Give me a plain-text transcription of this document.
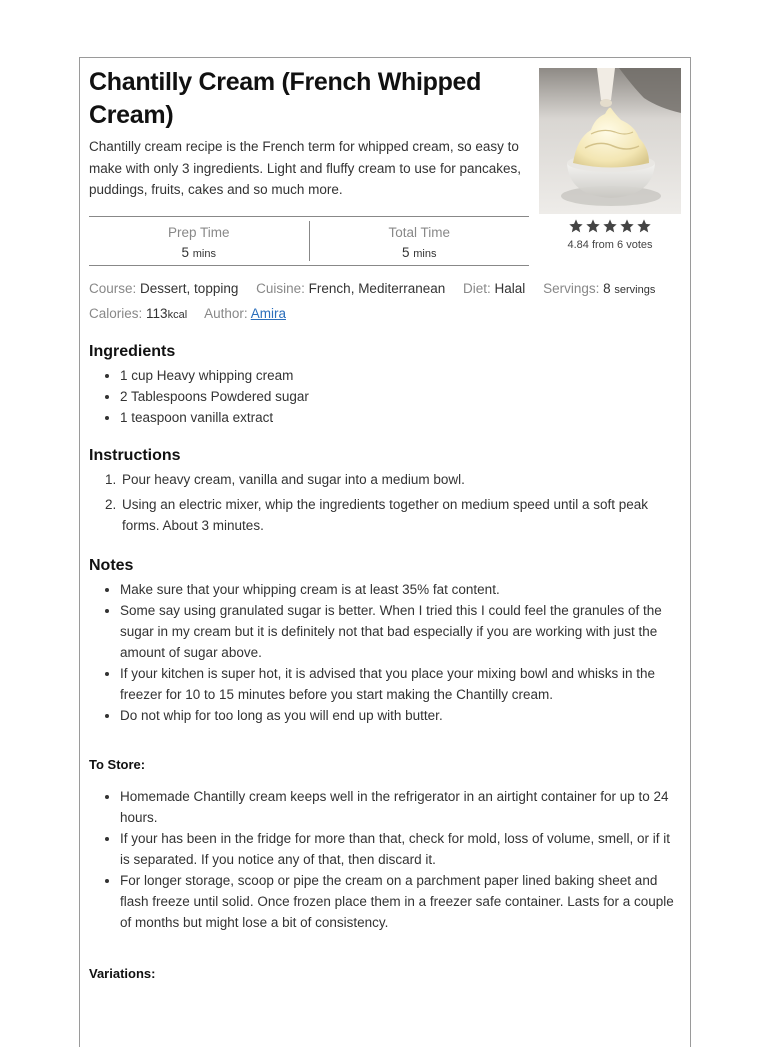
Chantilly Cream (French Whipped Cream)

Chantilly cream recipe is the French term for whipped cream, so easy to make with only 3 ingredients. Light and fluffy cream to use for pancakes, puddings, fruits, cakes and so much more.

Prep Time
5 mins
Total Time
5 mins
4.84 from 6 votes
Course: Dessert, topping Cuisine: French, Mediterranean Diet: Halal Servings: 8 servings
Calories: 113kcal Author: Amira
Ingredients
• 1 cup Heavy whipping cream
• 2 Tablespoons Powdered sugar
• 1 teaspoon vanilla extract
Instructions
1. Pour heavy cream, vanilla and sugar into a medium bowl.
2. Using an electric mixer, whip the ingredients together on medium speed until a soft peak forms. About 3 minutes.
Notes
• Make sure that your whipping cream is at least 35% fat content.
• Some say using granulated sugar is better. When I tried this I could feel the granules of the sugar in my cream but it is definitely not that bad especially if you are working with just the amount of sugar above.
• If your kitchen is super hot, it is advised that you place your mixing bowl and whisks in the freezer for 10 to 15 minutes before you start making the Chantilly cream.
• Do not whip for too long as you will end up with butter.
To Store:
• Homemade Chantilly cream keeps well in the refrigerator in an airtight container for up to 24 hours.
• If your has been in the fridge for more than that, check for mold, loss of volume, smell, or if it is separated. If you notice any of that, then discard it.
• For longer storage, scoop or pipe the cream on a parchment paper lined baking sheet and flash freeze until solid. Once frozen place them in a freezer safe container. Lasts for a couple of months but might lose a bit of consistency.
Variations:
